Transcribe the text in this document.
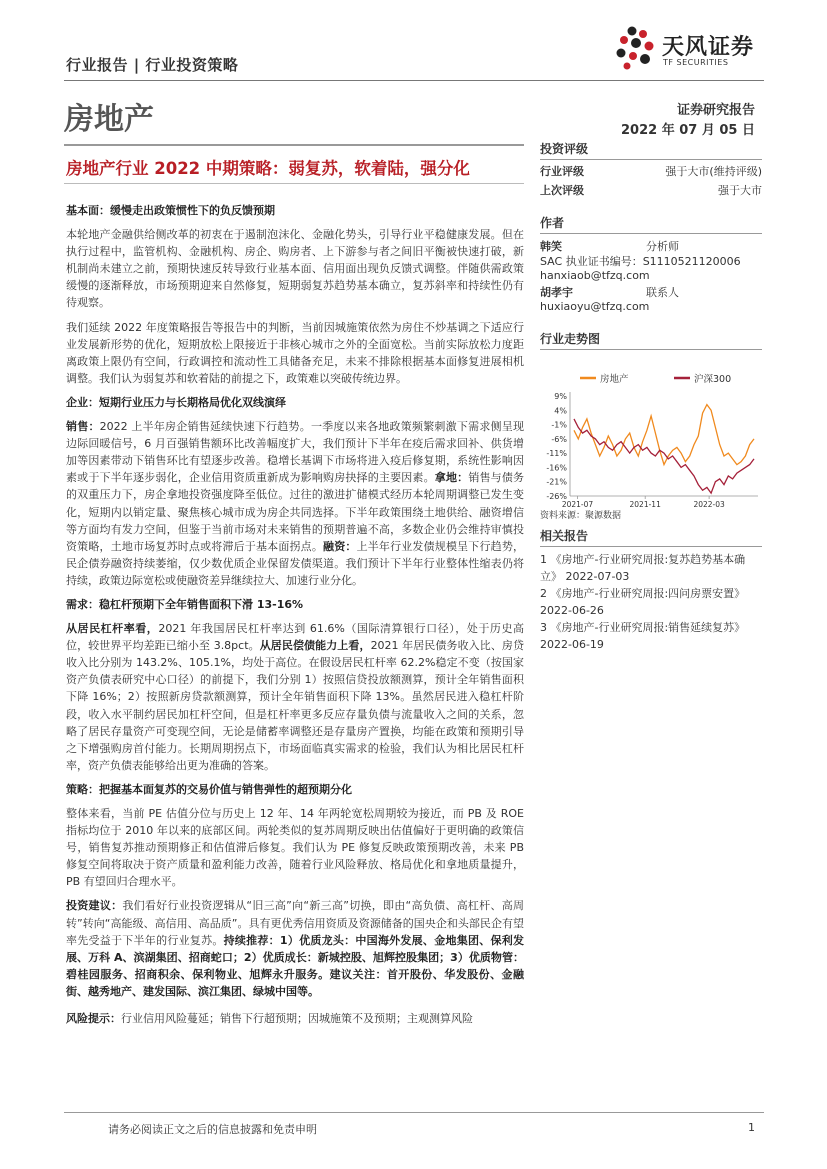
行业报告 | 行业投资策略
天风证券
TF SECURITIES
房地产	证券研究报告
2022 年 07 月 05 日
房地产行业 2022 中期策略：弱复苏，软着陆，强分化

基本面：缓慢走出政策惯性下的负反馈预期

本轮地产金融供给侧改革的初衷在于遏制泡沫化、金融化势头，引导行业平稳健康发展。但在执行过程中，监管机构、金融机构、房企、购房者、上下游参与者之间旧平衡被快速打破，新机制尚未建立之前，预期快速反转导致行业基本面、信用面出现负反馈式调整。伴随供需政策缓慢的逐渐释放，市场预期迎来自然修复，短期弱复苏趋势基本确立，复苏斜率和持续性仍有待观察。

我们延续 2022 年度策略报告等报告中的判断，当前因城施策依然为房住不炒基调之下适应行业发展新形势的优化，短期放松上限接近于非核心城市之外的全面宽松。当前实际放松力度距离政策上限仍有空间，行政调控和流动性工具储备充足，未来不排除根据基本面修复进展相机调整。我们认为弱复苏和软着陆的前提之下，政策难以突破传统边界。

企业：短期行业压力与长期格局优化双线演绎

销售：2022 上半年房企销售延续快速下行趋势。一季度以来各地政策频繁刺激下需求侧呈现边际回暖信号，6 月百强销售额环比改善幅度扩大，我们预计下半年在疫后需求回补、供货增加等因素带动下销售环比有望逐步改善。稳增长基调下市场将进入疫后修复期，系统性影响因素或于下半年逐步弱化，企业信用资质重新成为影响购房抉择的主要因素。拿地：销售与债务的双重压力下，房企拿地投资强度降至低位。过往的激进扩储模式经历本轮周期调整已发生变化，短期内以销定量、聚焦核心城市成为房企共同选择。下半年政策围绕土地供给、融资增信等方面均有发力空间，但鉴于当前市场对未来销售的预期普遍不高，多数企业仍会维持审慎投资策略，土地市场复苏时点或将滞后于基本面拐点。融资：上半年行业发债规模呈下行趋势，民企债券融资持续萎缩，仅少数优质企业保留发债渠道。我们预计下半年行业整体性缩表仍将持续，政策边际宽松或使融资差异继续拉大、加速行业分化。

需求：稳杠杆预期下全年销售面积下滑 13-16%

从居民杠杆率看，2021 年我国居民杠杆率达到 61.6%（国际清算银行口径），处于历史高位，较世界平均差距已缩小至 3.8pct。从居民偿债能力上看，2021 年居民债务收入比、房贷收入比分别为 143.2%、105.1%，均处于高位。在假设居民杠杆率 62.2%稳定不变（按国家资产负债表研究中心口径）的前提下，我们分别 1）按照信贷投放额测算，预计全年销售面积下降 16%；2）按照新房贷款额测算，预计全年销售面积下降 13%。虽然居民进入稳杠杆阶段，收入水平制约居民加杠杆空间，但是杠杆率更多反应存量负债与流量收入之间的关系，忽略了居民存量资产可变现空间，无论是储蓄率调整还是存量房产置换，均能在政策和预期引导之下增强购房首付能力。长期周期拐点下，市场面临真实需求的检验，我们认为相比居民杠杆率，资产负债表能够给出更为准确的答案。

策略：把握基本面复苏的交易价值与销售弹性的超预期分化

整体来看，当前 PE 估值分位与历史上 12 年、14 年两轮宽松周期较为接近，而 PB 及 ROE 指标均位于 2010 年以来的底部区间。两轮类似的复苏周期反映出估值偏好于更明确的政策信号，销售复苏推动预期修正和估值滞后修复。我们认为 PE 修复反映政策预期改善，未来 PB 修复空间将取决于资产质量和盈利能力改善，随着行业风险释放、格局优化和拿地质量提升，PB 有望回归合理水平。

投资建议：我们看好行业投资逻辑从“旧三高”向“新三高”切换，即由“高负债、高杠杆、高周转”转向“高能级、高信用、高品质”。具有更优秀信用资质及资源储备的国央企和头部民企有望率先受益于下半年的行业复苏。持续推荐：1）优质龙头：中国海外发展、金地集团、保利发展、万科 A、滨湖集团、招商蛇口；2）优质成长：新城控股、旭辉控股集团；3）优质物管：碧桂园服务、招商积余、保利物业、旭辉永升服务。建议关注：首开股份、华发股份、金融街、越秀地产、建发国际、滨江集团、绿城中国等。

风险提示：行业信用风险蔓延；销售下行超预期；因城施策不及预期；主观测算风险

投资评级
行业评级	强于大市(维持评级)
上次评级	强于大市
作者
韩笑	分析师
SAC 执业证书编号：S1110521120006
hanxiaob@tfzq.com
胡孝宇	联系人
huxiaoyu@tfzq.com
行业走势图
房地产	沪深300
9%
4%
-1%
-6%
-11%
-16%
-21%
-26%
2021-07	2021-11	2022-03
资料来源：聚源数据
相关报告
1 《房地产-行业研究周报:复苏趋势基本确立》 2022-07-03
2 《房地产-行业研究周报:四问房票安置》 2022-06-26
3 《房地产-行业研究周报:销售延续复苏》 2022-06-19
请务必阅读正文之后的信息披露和免责申明	1
